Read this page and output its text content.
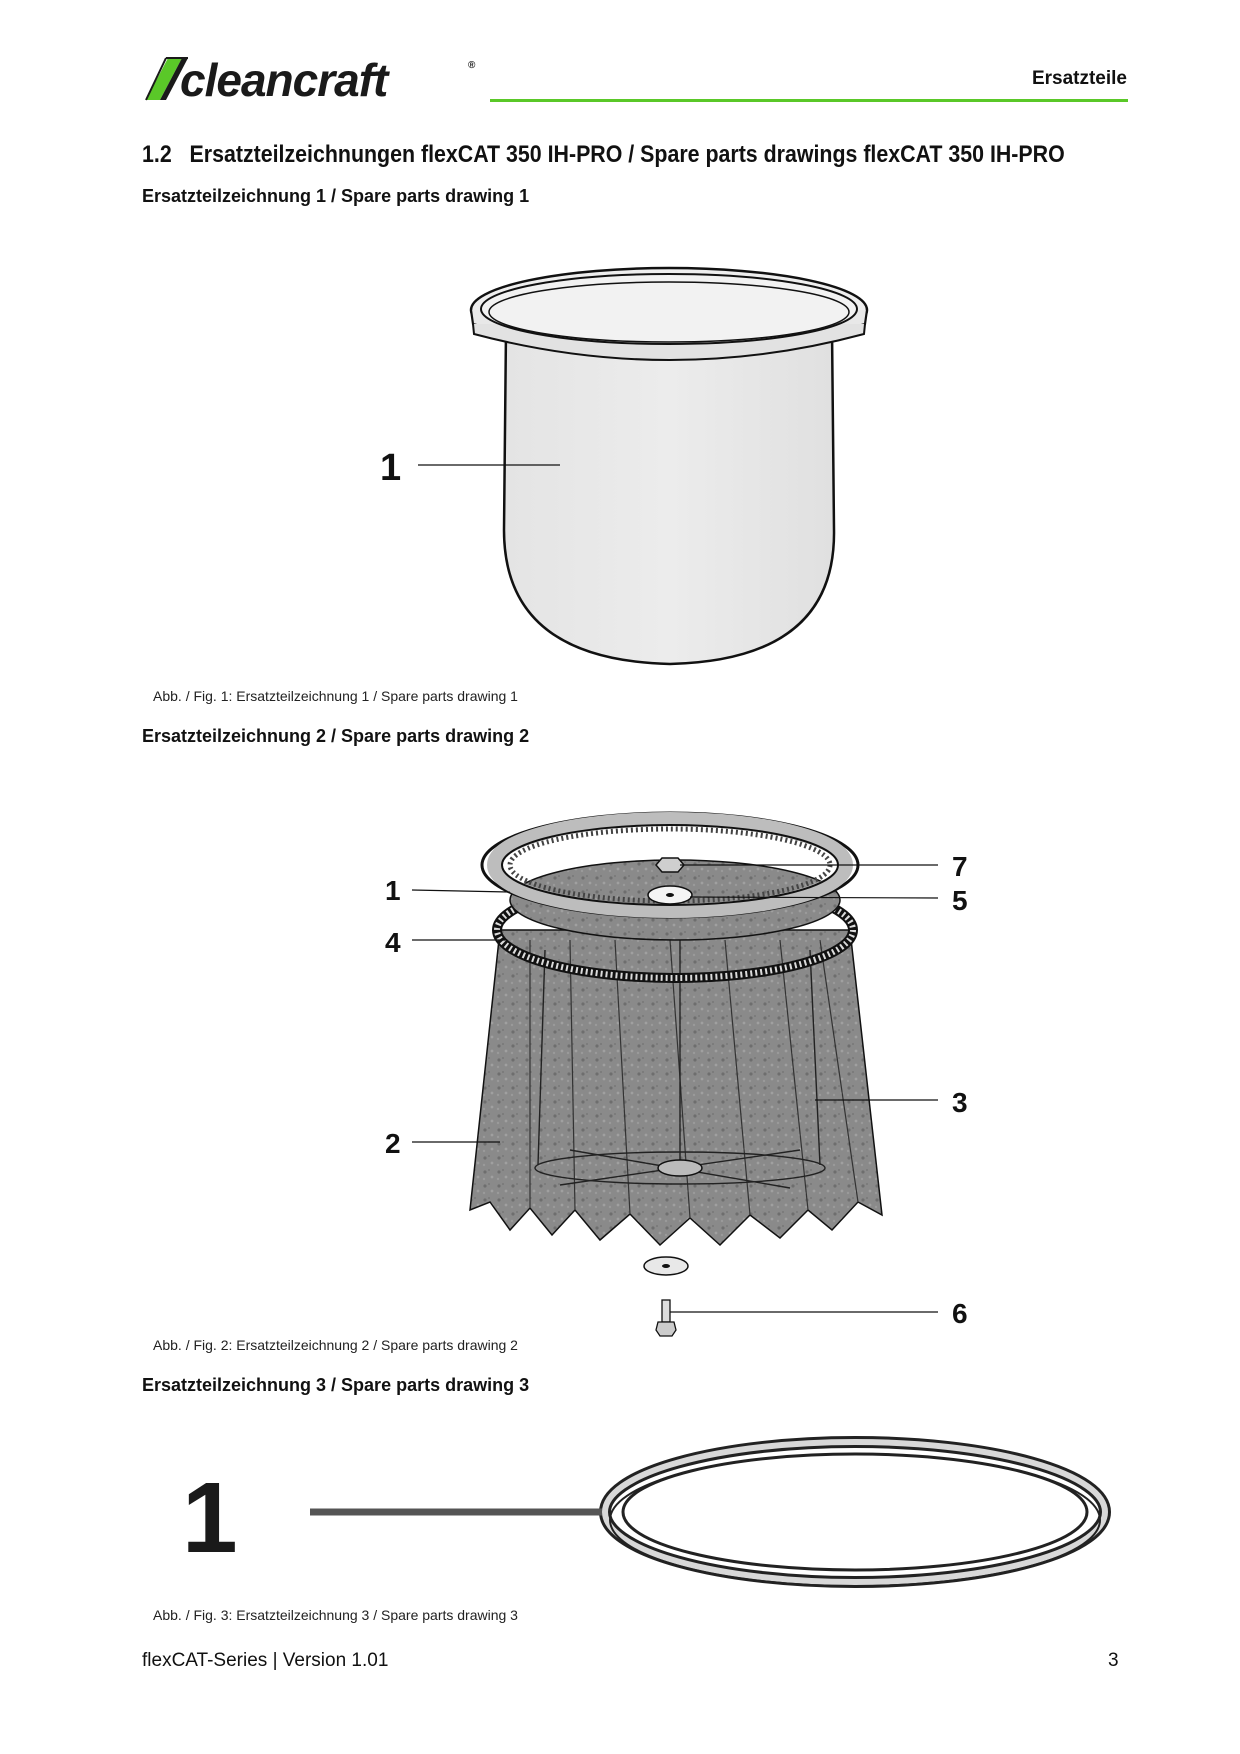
cleancraft	®
Ersatzteile
1.2 Ersatzteilzeichnungen flexCAT 350 IH-PRO / Spare parts drawings flexCAT 350 IH-PRO
Ersatzteilzeichnung 1 / Spare parts drawing 1
1
Abb. / Fig. 1: Ersatzteilzeichnung 1 / Spare parts drawing 1
Ersatzteilzeichnung 2 / Spare parts drawing 2
1
4
2
7
5
3
6
Abb. / Fig. 2: Ersatzteilzeichnung 2 / Spare parts drawing 2
Ersatzteilzeichnung 3 / Spare parts drawing 3
1
Abb. / Fig. 3: Ersatzteilzeichnung 3 / Spare parts drawing 3
flexCAT-Series | Version 1.01	3
